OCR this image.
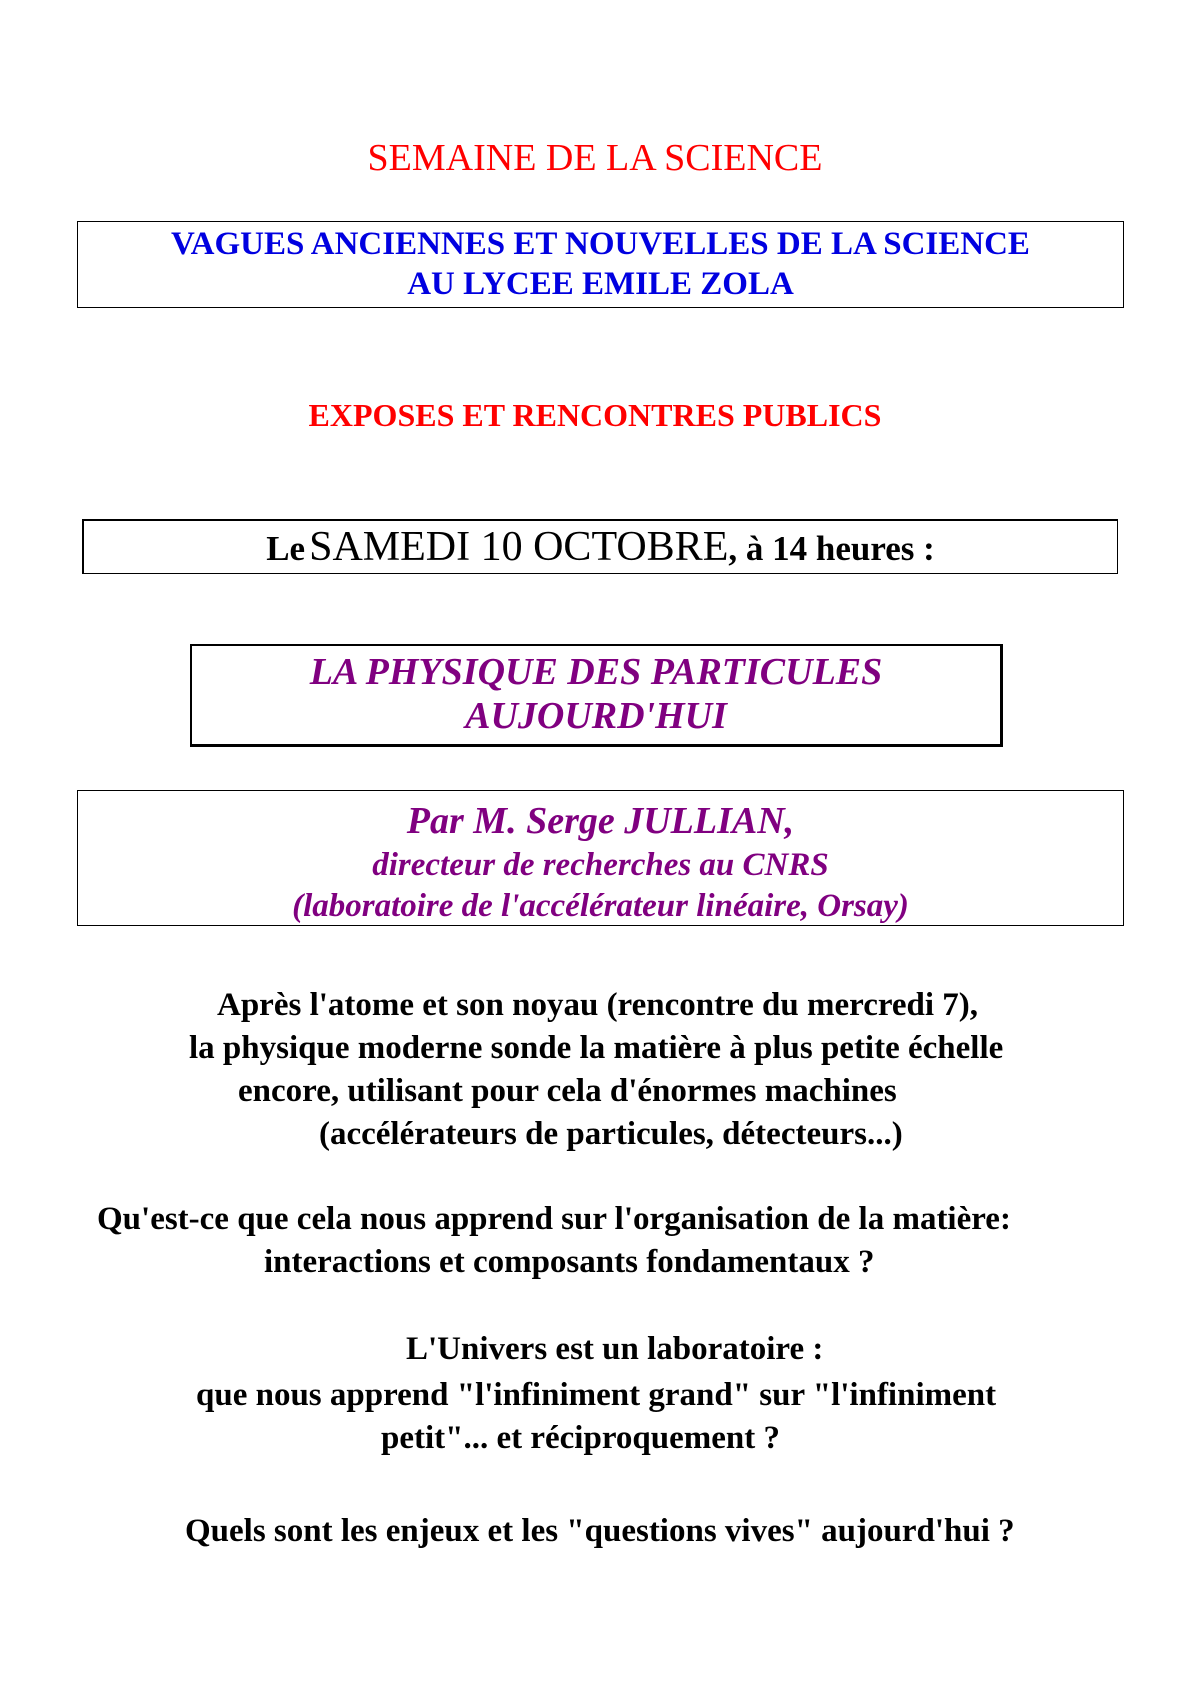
SEMAINE DE LA SCIENCE
VAGUES ANCIENNES ET NOUVELLES DE LA SCIENCE
AU LYCEE EMILE ZOLA
EXPOSES ET RENCONTRES PUBLICS
Le SAMEDI 10 OCTOBRE, à 14 heures :
LA PHYSIQUE DES PARTICULES
AUJOURD'HUI
Par M. Serge JULLIAN,
directeur de recherches au CNRS
(laboratoire de l'accélérateur linéaire, Orsay)
Après l'atome et son noyau (rencontre du mercredi 7),
la physique moderne sonde la matière à plus petite échelle
encore, utilisant pour cela d'énormes machines
(accélérateurs de particules, détecteurs...)
Qu'est-ce que cela nous apprend sur l'organisation de la matière:
interactions et composants fondamentaux ?
L'Univers est un laboratoire :
que nous apprend "l'infiniment grand" sur "l'infiniment
petit"... et réciproquement ?
Quels sont les enjeux et les "questions vives" aujourd'hui ?
